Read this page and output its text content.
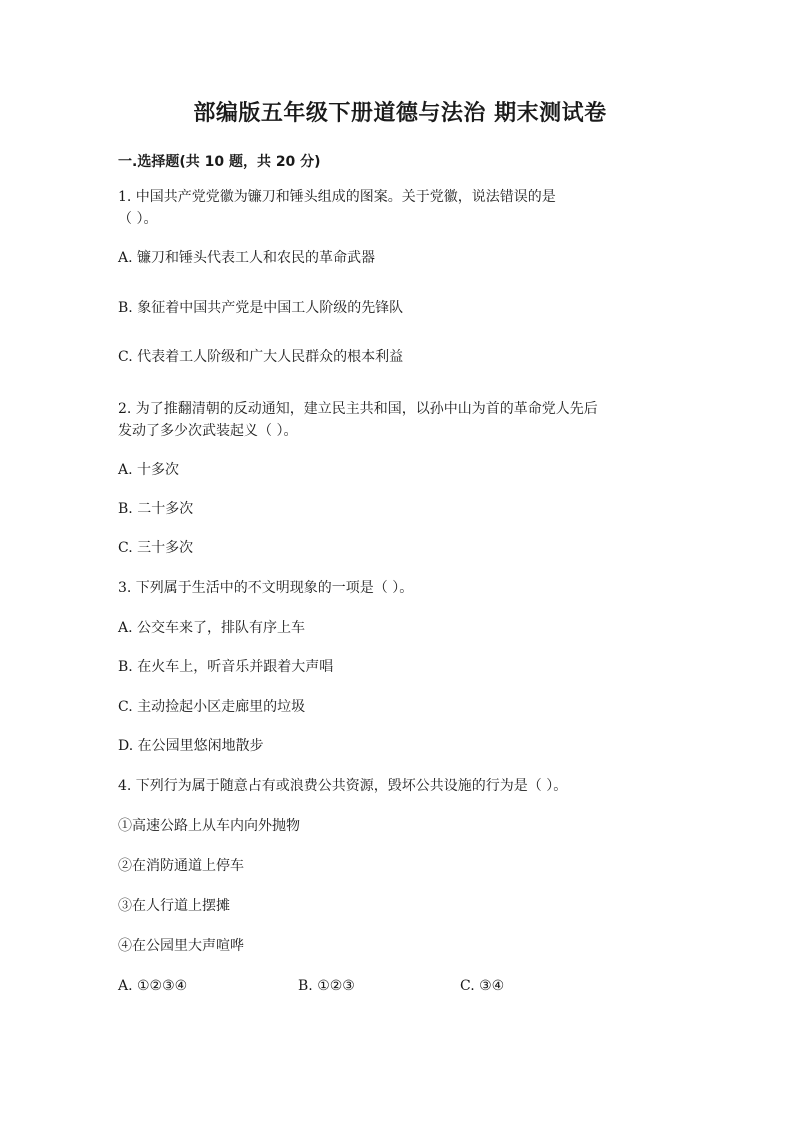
部编版五年级下册道德与法治 期末测试卷
一.选择题(共 10 题，共 20 分)
1. 中国共产党党徽为镰刀和锤头组成的图案。关于党徽，说法错误的是
（ ）。
A. 镰刀和锤头代表工人和农民的革命武器
B. 象征着中国共产党是中国工人阶级的先锋队
C. 代表着工人阶级和广大人民群众的根本利益
2. 为了推翻清朝的反动通知，建立民主共和国，以孙中山为首的革命党人先后
发动了多少次武装起义（ ）。
A. 十多次
B. 二十多次
C. 三十多次
3. 下列属于生活中的不文明现象的一项是（ ）。
A. 公交车来了，排队有序上车
B. 在火车上，听音乐并跟着大声唱
C. 主动捡起小区走廊里的垃圾
D. 在公园里悠闲地散步
4. 下列行为属于随意占有或浪费公共资源，毁坏公共设施的行为是（ ）。
①高速公路上从车内向外抛物
②在消防通道上停车
③在人行道上摆摊
④在公园里大声喧哗
A. ①②③④	B. ①②③	C. ③④
